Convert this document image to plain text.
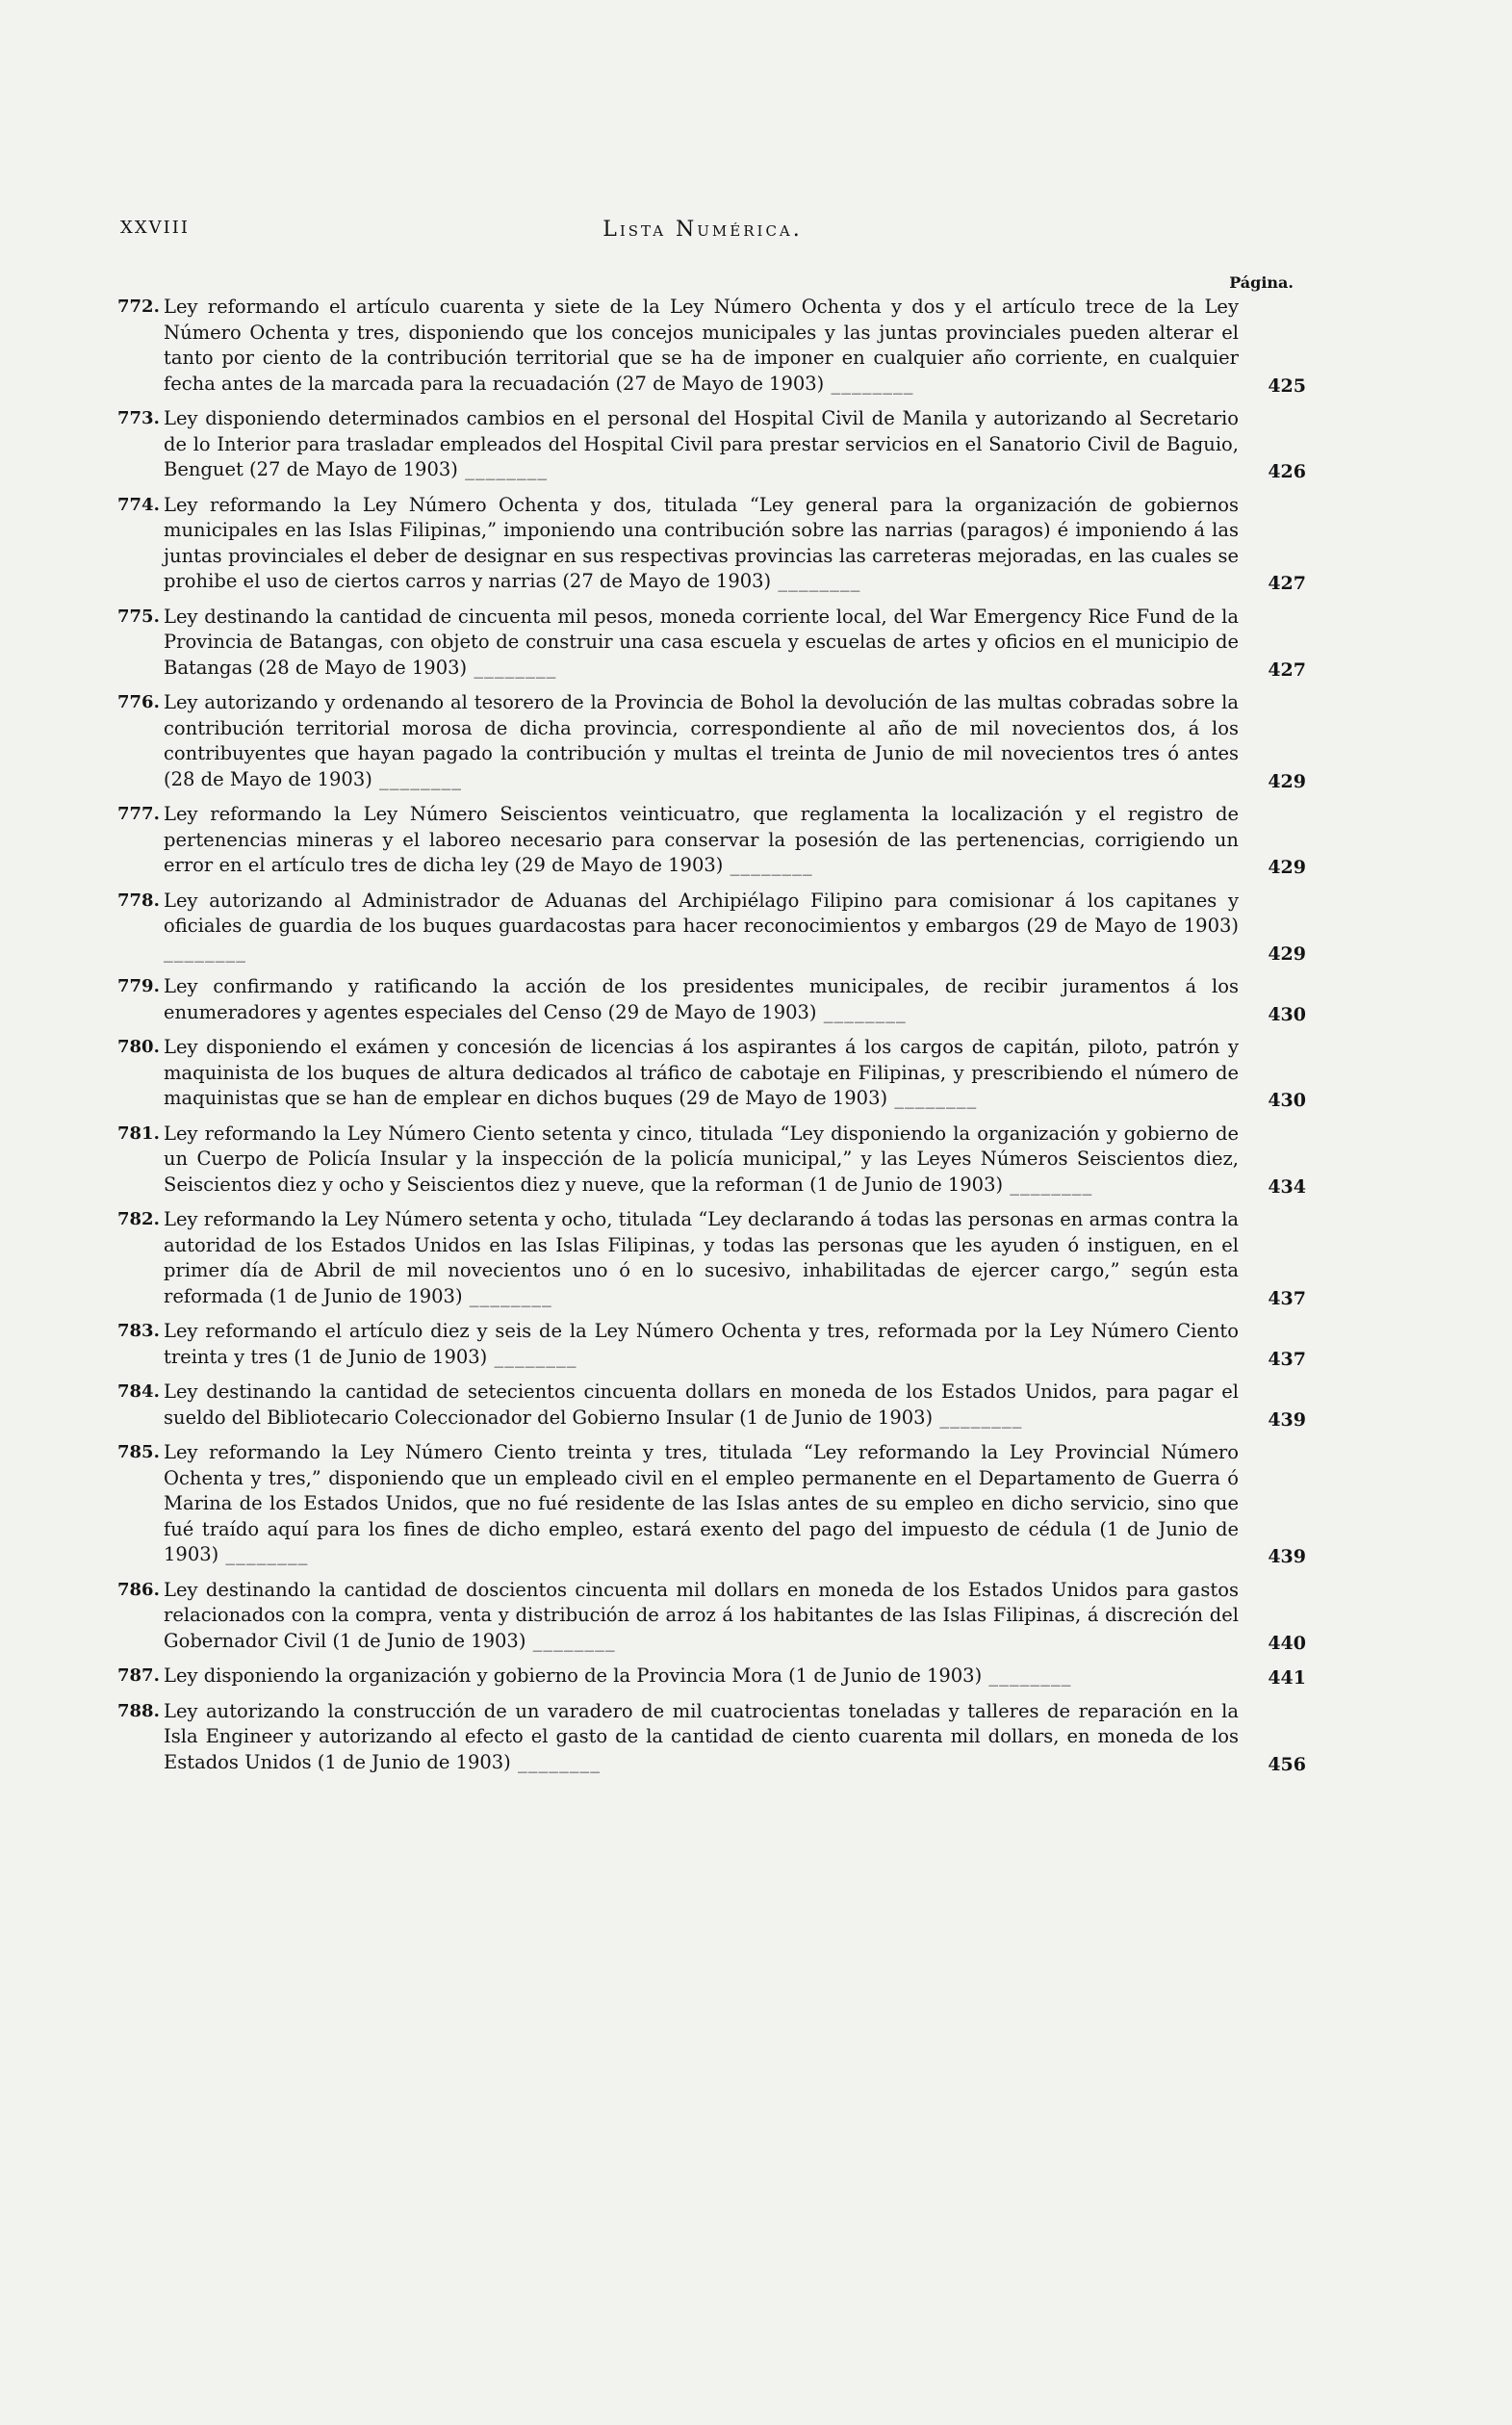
XXVIII	Lista Numérica.
Página.
772. Ley reformando el artículo cuarenta y siete de la Ley Número Ochenta y dos y el artículo trece de la Ley Número Ochenta y tres, disponiendo que los concejos municipales y las juntas provinciales pueden alterar el tanto por ciento de la contribución territorial que se ha de imponer en cualquier año corriente, en cualquier fecha antes de la marcada para la recuadación (27 de Mayo de 1903) ________	425
773. Ley disponiendo determinados cambios en el personal del Hospital Civil de Manila y autorizando al Secretario de lo Interior para trasladar empleados del Hospital Civil para prestar servicios en el Sanatorio Civil de Baguio, Benguet (27 de Mayo de 1903) ________	426
774. Ley reformando la Ley Número Ochenta y dos, titulada “Ley general para la organización de gobiernos municipales en las Islas Filipinas,” imponiendo una contribución sobre las narrias (paragos) é imponiendo á las juntas provinciales el deber de designar en sus respectivas provincias las carreteras mejoradas, en las cuales se prohibe el uso de ciertos carros y narrias (27 de Mayo de 1903) ________	427
775. Ley destinando la cantidad de cincuenta mil pesos, moneda corriente local, del War Emergency Rice Fund de la Provincia de Batangas, con objeto de construir una casa escuela y escuelas de artes y oficios en el municipio de Batangas (28 de Mayo de 1903) ________	427
776. Ley autorizando y ordenando al tesorero de la Provincia de Bohol la devolución de las multas cobradas sobre la contribución territorial morosa de dicha provincia, correspondiente al año de mil novecientos dos, á los contribuyentes que hayan pagado la contribución y multas el treinta de Junio de mil novecientos tres ó antes (28 de Mayo de 1903) ________	429
777. Ley reformando la Ley Número Seiscientos veinticuatro, que reglamenta la localización y el registro de pertenencias mineras y el laboreo necesario para conservar la posesión de las pertenencias, corrigiendo un error en el artículo tres de dicha ley (29 de Mayo de 1903) ________	429
778. Ley autorizando al Administrador de Aduanas del Archipiélago Filipino para comisionar á los capitanes y oficiales de guardia de los buques guardacostas para hacer reconocimientos y embargos (29 de Mayo de 1903) ________	429
779. Ley confirmando y ratificando la acción de los presidentes municipales, de recibir juramentos á los enumeradores y agentes especiales del Censo (29 de Mayo de 1903) ________	430
780. Ley disponiendo el exámen y concesión de licencias á los aspirantes á los cargos de capitán, piloto, patrón y maquinista de los buques de altura dedicados al tráfico de cabotaje en Filipinas, y prescribiendo el número de maquinistas que se han de emplear en dichos buques (29 de Mayo de 1903) ________	430
781. Ley reformando la Ley Número Ciento setenta y cinco, titulada “Ley disponiendo la organización y gobierno de un Cuerpo de Policía Insular y la inspección de la policía municipal,” y las Leyes Números Seiscientos diez, Seiscientos diez y ocho y Seiscientos diez y nueve, que la reforman (1 de Junio de 1903) ________	434
782. Ley reformando la Ley Número setenta y ocho, titulada “Ley declarando á todas las personas en armas contra la autoridad de los Estados Unidos en las Islas Filipinas, y todas las personas que les ayuden ó instiguen, en el primer día de Abril de mil novecientos uno ó en lo sucesivo, inhabilitadas de ejercer cargo,” según esta reformada (1 de Junio de 1903) ________	437
783. Ley reformando el artículo diez y seis de la Ley Número Ochenta y tres, reformada por la Ley Número Ciento treinta y tres (1 de Junio de 1903) ________	437
784. Ley destinando la cantidad de setecientos cincuenta dollars en moneda de los Estados Unidos, para pagar el sueldo del Bibliotecario Coleccionador del Gobierno Insular (1 de Junio de 1903) ________	439
785. Ley reformando la Ley Número Ciento treinta y tres, titulada “Ley reformando la Ley Provincial Número Ochenta y tres,” disponiendo que un empleado civil en el empleo permanente en el Departamento de Guerra ó Marina de los Estados Unidos, que no fué residente de las Islas antes de su empleo en dicho servicio, sino que fué traído aquí para los fines de dicho empleo, estará exento del pago del impuesto de cédula (1 de Junio de 1903) ________	439
786. Ley destinando la cantidad de doscientos cincuenta mil dollars en moneda de los Estados Unidos para gastos relacionados con la compra, venta y distribución de arroz á los habitantes de las Islas Filipinas, á discreción del Gobernador Civil (1 de Junio de 1903) ________	440
787. Ley disponiendo la organización y gobierno de la Provincia Mora (1 de Junio de 1903) ________	441
788. Ley autorizando la construcción de un varadero de mil cuatrocientas toneladas y talleres de reparación en la Isla Engineer y autorizando al efecto el gasto de la cantidad de ciento cuarenta mil dollars, en moneda de los Estados Unidos (1 de Junio de 1903) ________	456
